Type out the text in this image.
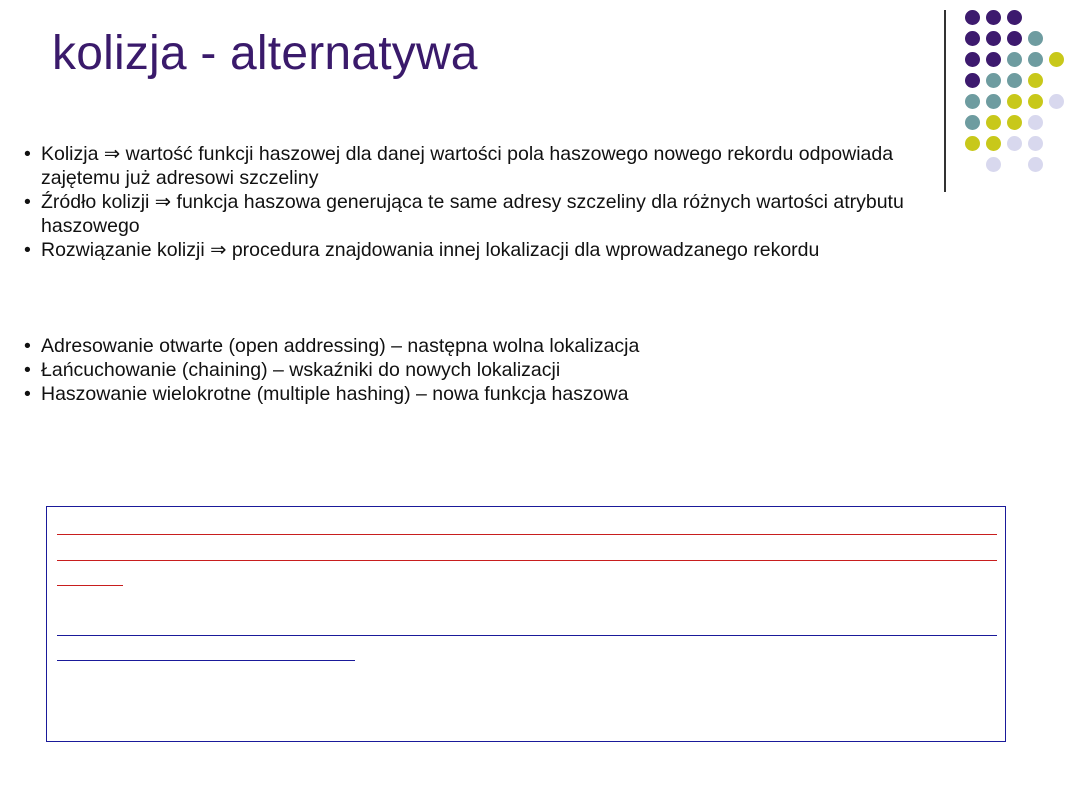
kolizja - alternatywa
• Kolizja ⇒ wartość funkcji haszowej dla danej wartości pola haszowego nowego rekordu odpowiada zajętemu już adresowi szczeliny
• Źródło kolizji ⇒ funkcja haszowa generująca te same adresy szczeliny dla różnych wartości atrybutu haszowego
• Rozwiązanie kolizji ⇒ procedura znajdowania innej lokalizacji dla wprowadzanego rekordu
• Adresowanie otwarte (open addressing) – następna wolna lokalizacja
• Łańcuchowanie (chaining) – wskaźniki do nowych lokalizacji
• Haszowanie wielokrotne (multiple hashing) – nowa funkcja haszowa
